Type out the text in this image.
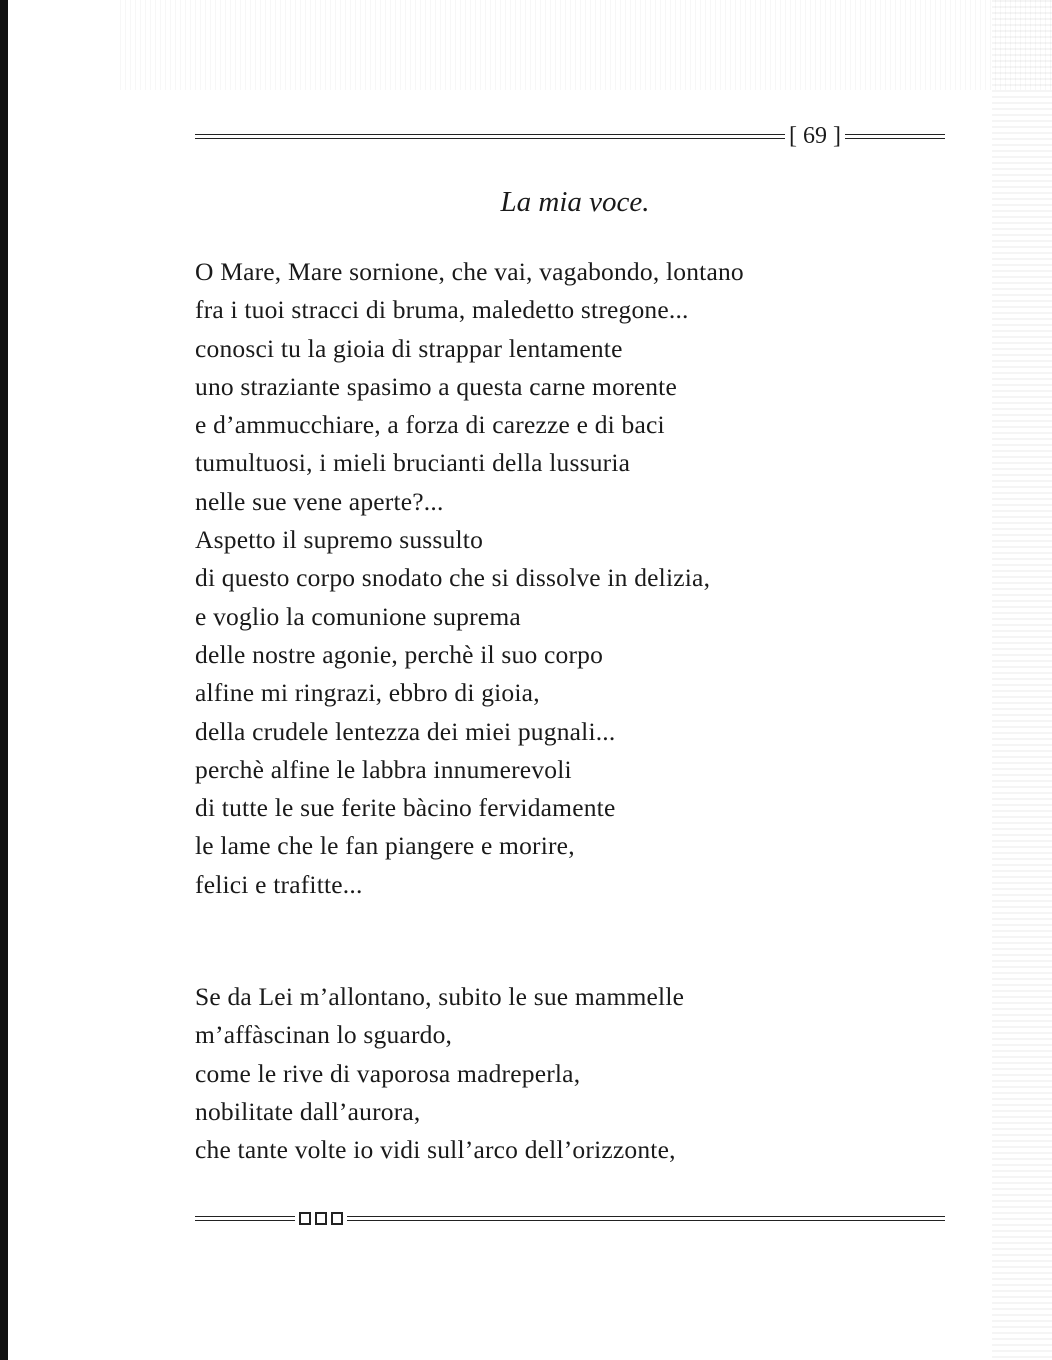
[ 69 ]
La mia voce.
O Mare, Mare sornione, che vai, vagabondo, lontano
fra i tuoi stracci di bruma, maledetto stregone...
conosci tu la gioia di strappar lentamente
uno straziante spasimo a questa carne morente
e d’ammucchiare, a forza di carezze e di baci
tumultuosi, i mieli brucianti della lussuria
nelle sue vene aperte?...
Aspetto il supremo sussulto
di questo corpo snodato che si dissolve in delizia,
e voglio la comunione suprema
delle nostre agonie, perchè il suo corpo
alfine mi ringrazi, ebbro di gioia,
della crudele lentezza dei miei pugnali...
perchè alfine le labbra innumerevoli
di tutte le sue ferite bàcino fervidamente
le lame che le fan piangere e morire,
felici e trafitte...
Se da Lei m’allontano, subito le sue mammelle
m’affàscinan lo sguardo,
come le rive di vaporosa madreperla,
nobilitate dall’aurora,
che tante volte io vidi sull’arco dell’orizzonte,
